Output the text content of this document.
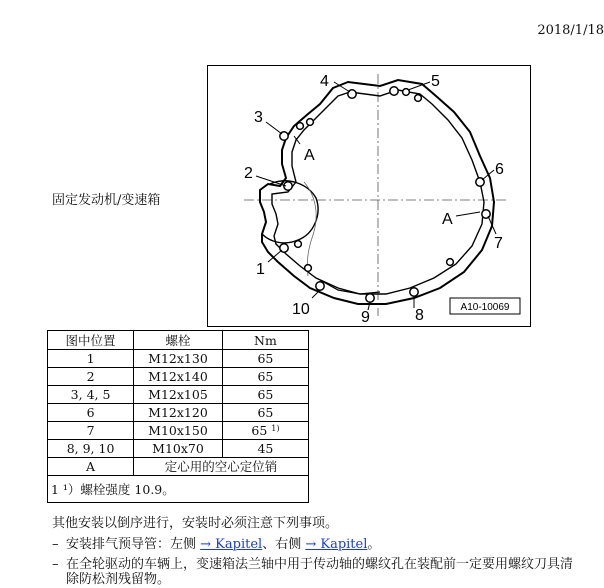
2018/1/18
固定发动机/变速箱
1
2
3
4	5
6
7
8
9
10
A
A
A10-10069
图中位置	螺栓	Nm
1	M12x130	65
2	M12x140	65
3, 4, 5	M12x105	65
6	M12x120	65
7	M10x150	65 $^{1)}$
8, 9, 10	M10x70	45
A	定心用的空心定位销	
1 ¹）螺栓强度 10.9。		
其他安装以倒序进行，安装时必须注意下列事项。
– 安装排气预导管：左侧 → Kapitel、右侧 → Kapitel。
– 在全轮驱动的车辆上，变速箱法兰轴中用于传动轴的螺纹孔在装配前一定要用螺纹刀具清
除防松剂残留物。
